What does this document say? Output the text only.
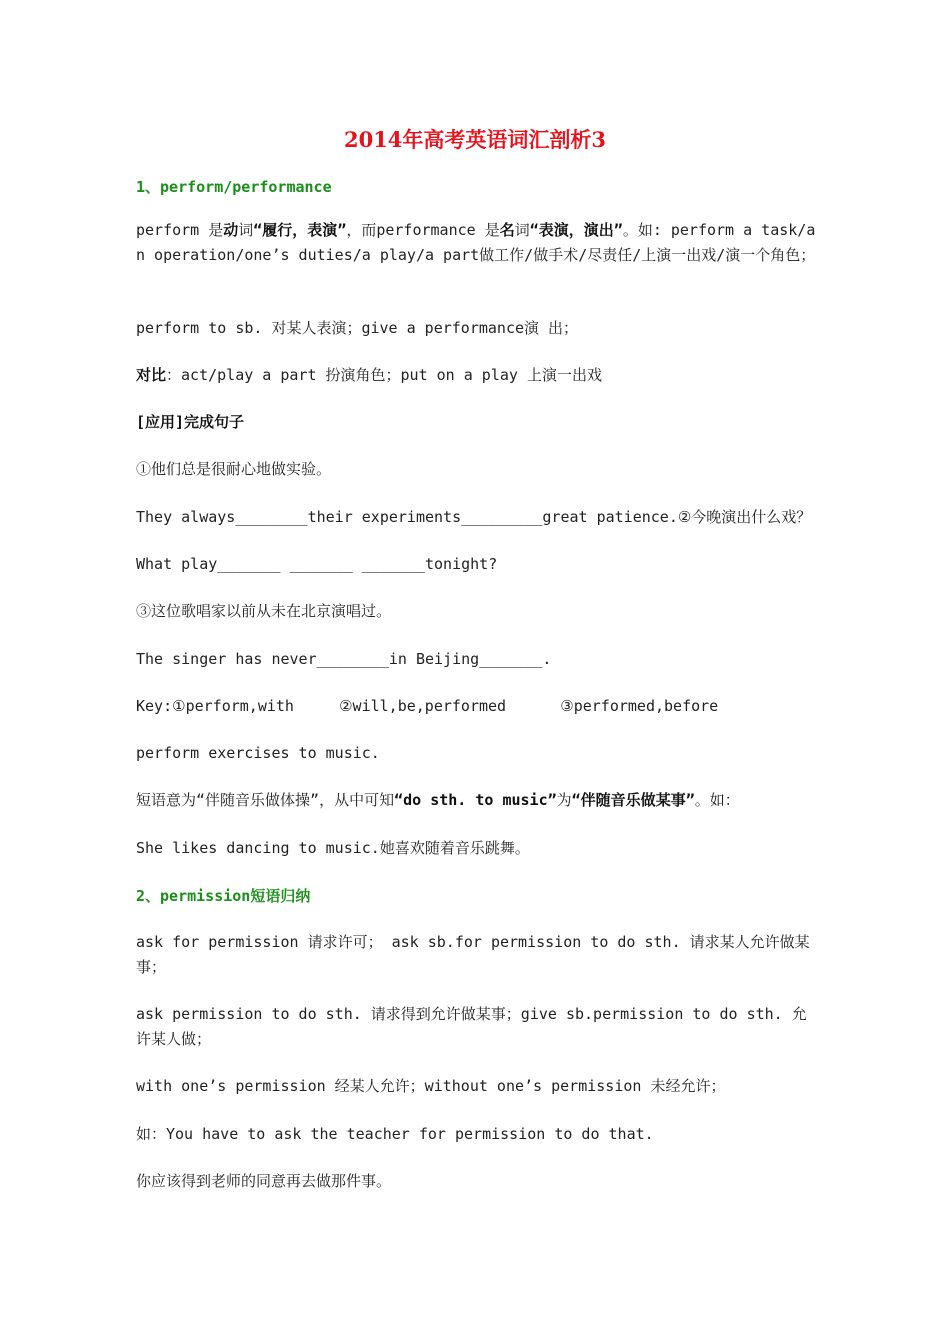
2014年高考英语词汇剖析3

1、perform/performance

perform 是动词“履行，表演”，而performance 是名词“表演，演出”。如: perform a task/an operation/one’s duties/a play/a part做工作/做手术/尽责任/上演一出戏/演一个角色；

perform to sb. 对某人表演；give a performance演 出；

对比：act/play a part 扮演角色；put on a play 上演一出戏

[应用]完成句子

①他们总是很耐心地做实验。

They always________their experiments_________great patience.②今晚演出什么戏？

What play_______ _______ _______tonight?

③这位歌唱家以前从未在北京演唱过。

The singer has never________in Beijing_______.

Key:①perform,with     ②will,be,performed      ③performed,before

perform exercises to music.

短语意为“伴随音乐做体操”，从中可知“do sth. to music”为“伴随音乐做某事”。如：

She likes dancing to music.她喜欢随着音乐跳舞。

2、permission短语归纳

ask for permission 请求许可； ask sb.for permission to do sth. 请求某人允许做某事；

ask permission to do sth. 请求得到允许做某事；give sb.permission to do sth. 允许某人做；

with one’s permission 经某人允许；without one’s permission 未经允许；

如：You have to ask the teacher for permission to do that.

你应该得到老师的同意再去做那件事。
